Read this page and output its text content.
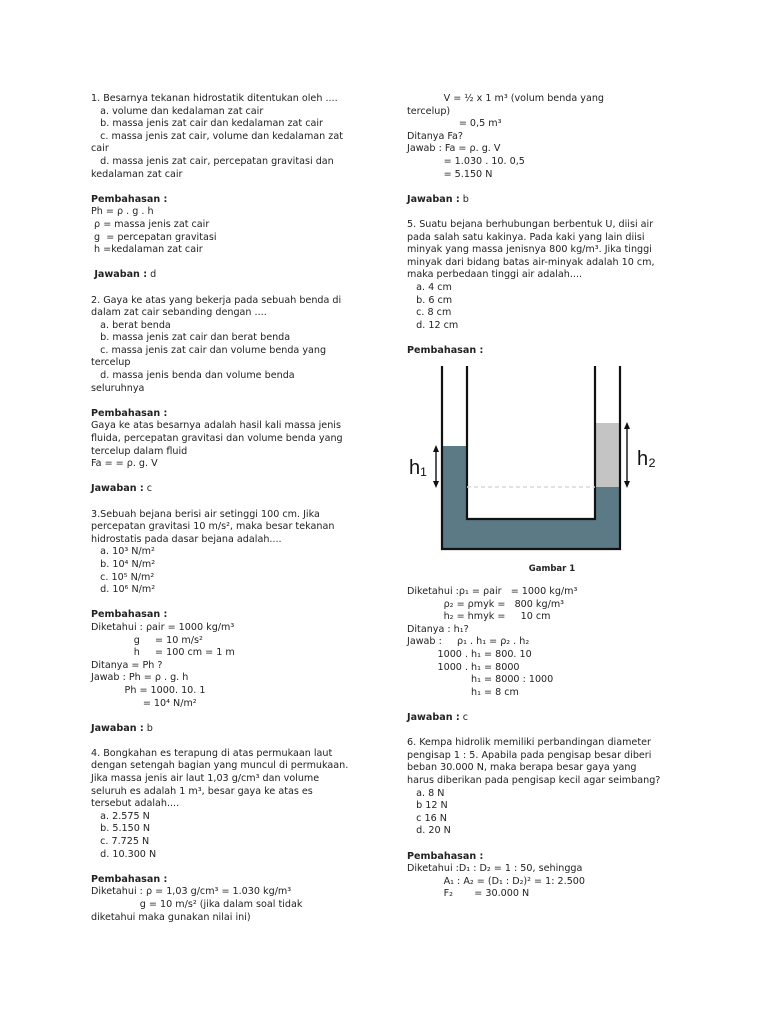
1. Besarnya tekanan hidrostatik ditentukan oleh ....
a. volume dan kedalaman zat cair
b. massa jenis zat cair dan kedalaman zat cair
c. massa jenis zat cair, volume dan kedalaman zat
cair
d. massa jenis zat cair, percepatan gravitasi dan
kedalaman zat cair
Pembahasan :
Ph = ρ . g . h
ρ = massa jenis zat cair
g  = percepatan gravitasi
h =kedalaman zat cair
Jawaban : d
2. Gaya ke atas yang bekerja pada sebuah benda di
dalam zat cair sebanding dengan ....
a. berat benda
b. massa jenis zat cair dan berat benda
c. massa jenis zat cair dan volume benda yang
tercelup
d. massa jenis benda dan volume benda
seluruhnya
Pembahasan :
Gaya ke atas besarnya adalah hasil kali massa jenis
fluida, percepatan gravitasi dan volume benda yang
tercelup dalam fluid
Fa = = ρ. g. V
Jawaban : c
3.Sebuah bejana berisi air setinggi 100 cm. Jika
percepatan gravitasi 10 m/s², maka besar tekanan
hidrostatis pada dasar bejana adalah....
a. 10³ N/m²
b. 10⁴ N/m²
c. 10⁵ N/m²
d. 10⁶ N/m²
Pembahasan :
Diketahui : ρair = 1000 kg/m³
g     = 10 m/s²
h     = 100 cm = 1 m
Ditanya = Ph ?
Jawab : Ph = ρ . g. h
Ph = 1000. 10. 1
= 10⁴ N/m²
Jawaban : b
4. Bongkahan es terapung di atas permukaan laut
dengan setengah bagian yang muncul di permukaan.
Jika massa jenis air laut 1,03 g/cm³ dan volume
seluruh es adalah 1 m³, besar gaya ke atas es
tersebut adalah....
a. 2.575 N
b. 5.150 N
c. 7.725 N
d. 10.300 N
Pembahasan :
Diketahui : ρ = 1,03 g/cm³ = 1.030 kg/m³
g = 10 m/s² (jika dalam soal tidak
diketahui maka gunakan nilai ini)
V = ½ x 1 m³ (volum benda yang
tercelup)
= 0,5 m³
Ditanya Fa?
Jawab : Fa = ρ. g. V
= 1.030 . 10. 0,5
= 5.150 N
Jawaban : b
5. Suatu bejana berhubungan berbentuk U, diisi air
pada salah satu kakinya. Pada kaki yang lain diisi
minyak yang massa jenisnya 800 kg/m³. Jika tinggi
minyak dari bidang batas air-minyak adalah 10 cm,
maka perbedaan tinggi air adalah....
a. 4 cm
b. 6 cm
c. 8 cm
d. 12 cm
Pembahasan :
h₁	h₂
Gambar 1
Diketahui :ρ₁ = ρair   = 1000 kg/m³
ρ₂ = ρmyk =   800 kg/m³
h₂ = hmyk =     10 cm
Ditanya : h₁?
Jawab :     ρ₁ . h₁ = ρ₂ . h₂
1000 . h₁ = 800. 10
1000 . h₁ = 8000
h₁ = 8000 : 1000
h₁ = 8 cm
Jawaban : c
6. Kempa hidrolik memiliki perbandingan diameter
pengisap 1 : 5. Apabila pada pengisap besar diberi
beban 30.000 N, maka berapa besar gaya yang
harus diberikan pada pengisap kecil agar seimbang?
a. 8 N
b 12 N
c 16 N
d. 20 N
Pembahasan :
Diketahui :D₁ : D₂ = 1 : 50, sehingga
A₁ : A₂ = (D₁ : D₂)² = 1: 2.500
F₂       = 30.000 N
